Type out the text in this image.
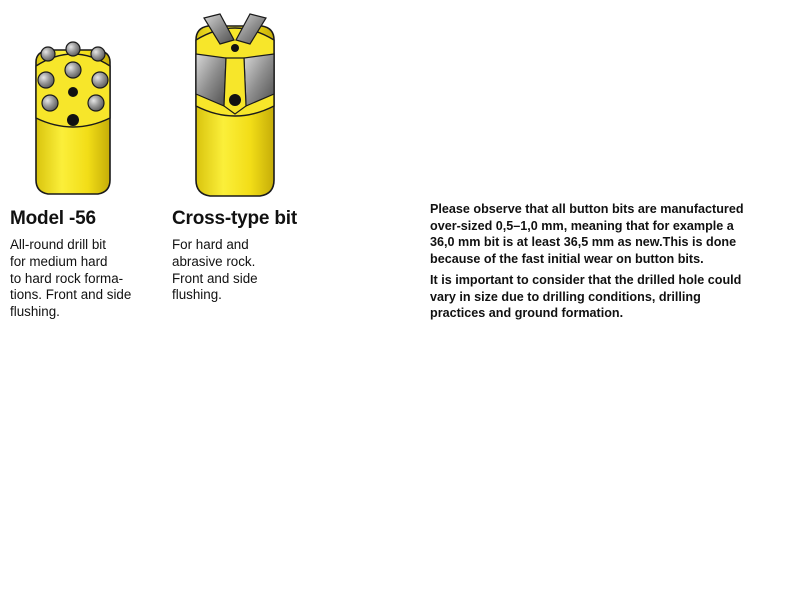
Model -56
All-round drill bit
for medium hard
to hard rock forma-
tions. Front and side
flushing.
Cross-type bit
For hard and
abrasive rock.
Front and side
flushing.

Please observe that all button bits are manufactured
over-sized 0,5–1,0 mm, meaning that for example a
36,0 mm bit is at least 36,5 mm as new.This is done
because of the fast initial wear on button bits.

It is important to consider that the drilled hole could
vary in size due to drilling conditions, drilling
practices and ground formation.
